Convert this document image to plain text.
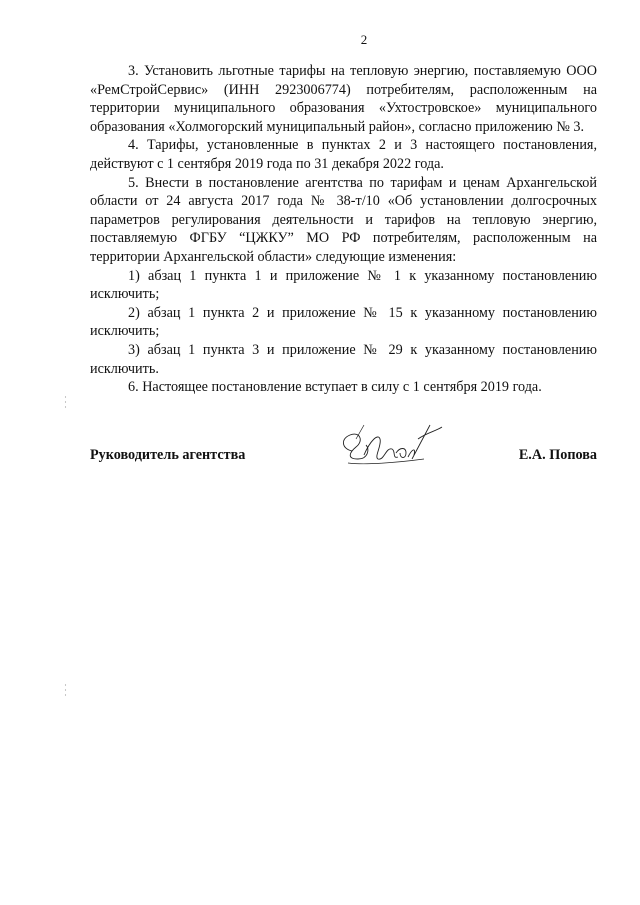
2

3. Установить льготные тарифы на тепловую энергию, поставляемую ООО «РемСтройСервис» (ИНН 2923006774) потребителям, расположенным на территории муниципального образования «Ухтостровское» муниципального образования «Холмогорский муниципальный район», согласно приложению № 3.

4. Тарифы, установленные в пунктах 2 и 3 настоящего постановления, действуют с 1 сентября 2019 года по 31 декабря 2022 года.

5. Внести в постановление агентства по тарифам и ценам Архангельской области от 24 августа 2017 года № 38-т/10 «Об установлении долгосрочных параметров регулирования деятельности и тарифов на тепловую энергию, поставляемую ФГБУ “ЦЖКУ” МО РФ потребителям, расположенным на территории Архангельской области» следующие изменения:

1) абзац 1 пункта 1 и приложение № 1 к указанному постановлению исключить;

2) абзац 1 пункта 2 и приложение № 15 к указанному постановлению исключить;

3) абзац 1 пункта 3 и приложение № 29 к указанному постановлению исключить.

6. Настоящее постановление вступает в силу с 1 сентября 2019 года.

Руководитель агентства	Е.А. Попова
